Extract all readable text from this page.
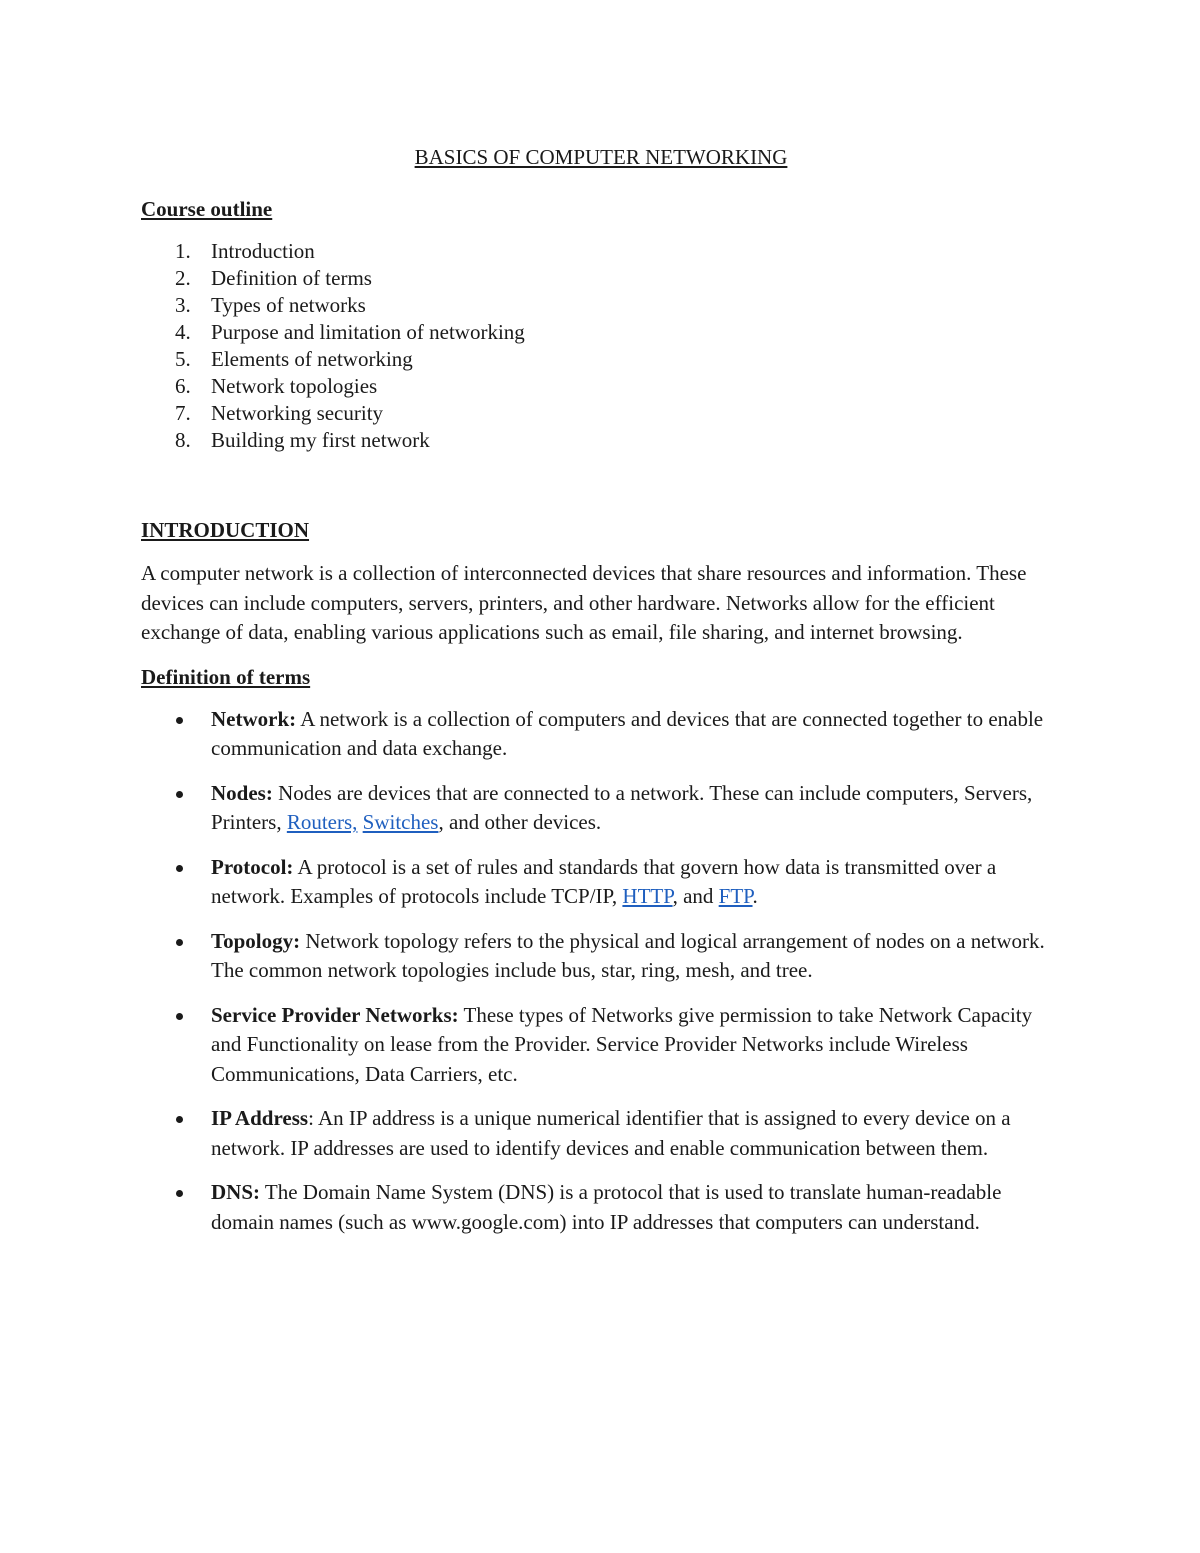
BASICS OF COMPUTER NETWORKING
Course outline
1. Introduction
2. Definition of terms
3. Types of networks
4. Purpose and limitation of networking
5. Elements of networking
6. Network topologies
7. Networking security
8. Building my first network
INTRODUCTION

A computer network is a collection of interconnected devices that share resources and information. These devices can include computers, servers, printers, and other hardware. Networks allow for the efficient exchange of data, enabling various applications such as email, file sharing, and internet browsing.

Definition of terms
Network: A network is a collection of computers and devices that are connected together to enable communication and data exchange.
Nodes: Nodes are devices that are connected to a network. These can include computers, Servers, Printers, Routers, Switches, and other devices.
Protocol: A protocol is a set of rules and standards that govern how data is transmitted over a network. Examples of protocols include TCP/IP, HTTP, and FTP.
Topology: Network topology refers to the physical and logical arrangement of nodes on a network. The common network topologies include bus, star, ring, mesh, and tree.
Service Provider Networks: These types of Networks give permission to take Network Capacity and Functionality on lease from the Provider. Service Provider Networks include Wireless Communications, Data Carriers, etc.
IP Address: An IP address is a unique numerical identifier that is assigned to every device on a network. IP addresses are used to identify devices and enable communication between them.
DNS: The Domain Name System (DNS) is a protocol that is used to translate human-readable domain names (such as www.google.com) into IP addresses that computers can understand.
